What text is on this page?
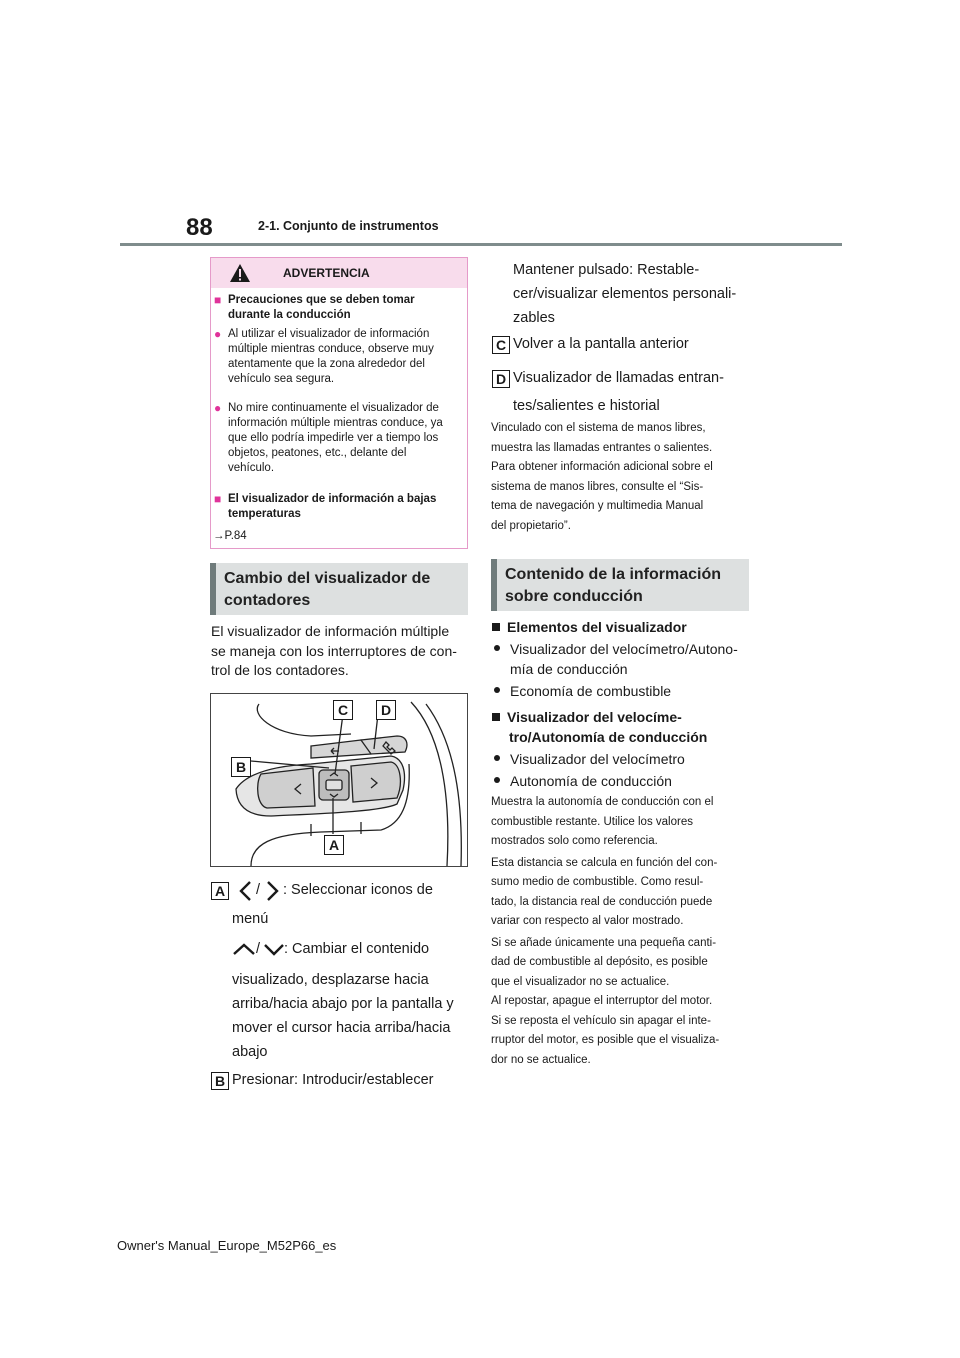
88	2-1. Conjunto de instrumentos
ADVERTENCIA
■ Precauciones que se deben tomar durante la conducción
● Al utilizar el visualizador de información múltiple mientras conduce, observe muy atentamente que la zona alrededor del vehículo sea segura.
● No mire continuamente el visualizador de información múltiple mientras conduce, ya que ello podría impedirle ver a tiempo los objetos, peatones, etc., delante del vehículo.
■ El visualizador de información a bajas temperaturas
→P.84
Cambio del visualizador de
contadores
El visualizador de información múltiple
se maneja con los interruptores de con-
trol de los contadores.
C	D
B
A
A / : Seleccionar iconos de
menú
/ : Cambiar el contenido
visualizado, desplazarse hacia
arriba/hacia abajo por la pantalla y
mover el cursor hacia arriba/hacia
abajo
B Presionar: Introducir/establecer
Mantener pulsado: Restable-
cer/visualizar elementos personali-
zables
C Volver a la pantalla anterior
D Visualizador de llamadas entran-
tes/salientes e historial
Vinculado con el sistema de manos libres,
muestra las llamadas entrantes o salientes.
Para obtener información adicional sobre el
sistema de manos libres, consulte el “Sis-
tema de navegación y multimedia Manual
del propietario”.
Contenido de la información
sobre conducción
Elementos del visualizador
Visualizador del velocímetro/Autono-
mía de conducción
Economía de combustible
Visualizador del velocíme-
tro/Autonomía de conducción
Visualizador del velocímetro
Autonomía de conducción
Muestra la autonomía de conducción con el
combustible restante. Utilice los valores
mostrados solo como referencia.
Esta distancia se calcula en función del con-
sumo medio de combustible. Como resul-
tado, la distancia real de conducción puede
variar con respecto al valor mostrado.
Si se añade únicamente una pequeña canti-
dad de combustible al depósito, es posible
que el visualizador no se actualice.
Al repostar, apague el interruptor del motor.
Si se reposta el vehículo sin apagar el inte-
rruptor del motor, es posible que el visualiza-
dor no se actualice.
Owner's Manual_Europe_M52P66_es
